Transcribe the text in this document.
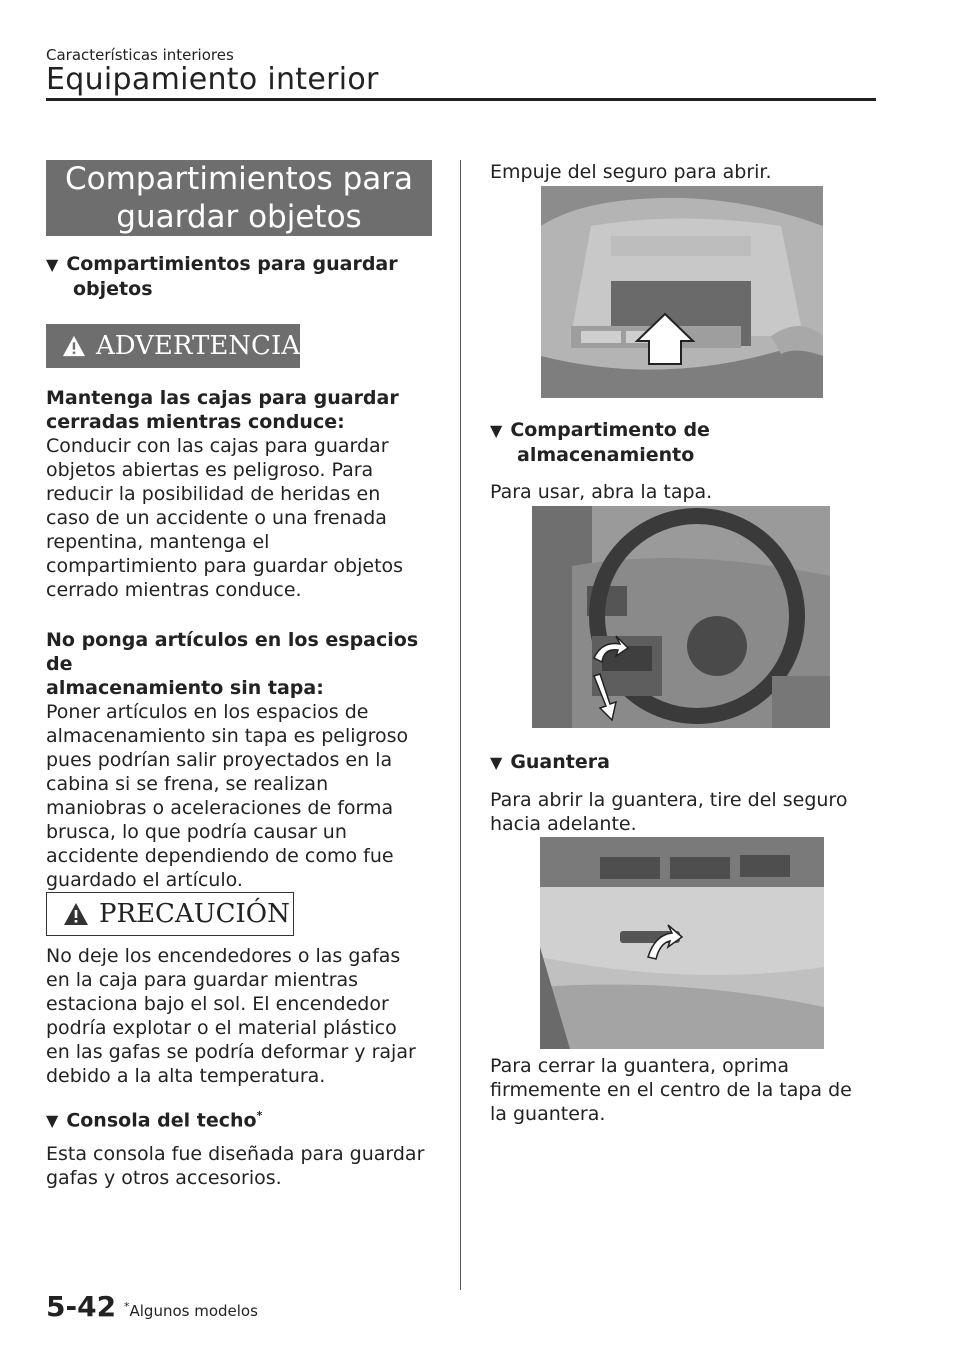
Características interiores
Equipamiento interior
Compartimientos para
guardar objetos
▼ Compartimientos para guardar
objetos
ADVERTENCIA
Mantenga las cajas para guardar
cerradas mientras conduce:
Conducir con las cajas para guardar
objetos abiertas es peligroso. Para
reducir la posibilidad de heridas en
caso de un accidente o una frenada
repentina, mantenga el
compartimiento para guardar objetos
cerrado mientras conduce.
No ponga artículos en los espacios de
almacenamiento sin tapa:
Poner artículos en los espacios de
almacenamiento sin tapa es peligroso
pues podrían salir proyectados en la
cabina si se frena, se realizan
maniobras o aceleraciones de forma
brusca, lo que podría causar un
accidente dependiendo de como fue
guardado el artículo.
PRECAUCIÓN
No deje los encendedores o las gafas
en la caja para guardar mientras
estaciona bajo el sol. El encendedor
podría explotar o el material plástico
en las gafas se podría deformar y rajar
debido a la alta temperatura.
▼ Consola del techo*
Esta consola fue diseñada para guardar
gafas y otros accesorios.
Empuje del seguro para abrir.
▼ Compartimento de
almacenamiento
Para usar, abra la tapa.
▼ Guantera
Para abrir la guantera, tire del seguro
hacia adelante.
Para cerrar la guantera, oprima
firmemente en el centro de la tapa de
la guantera.
5-42 *Algunos modelos
